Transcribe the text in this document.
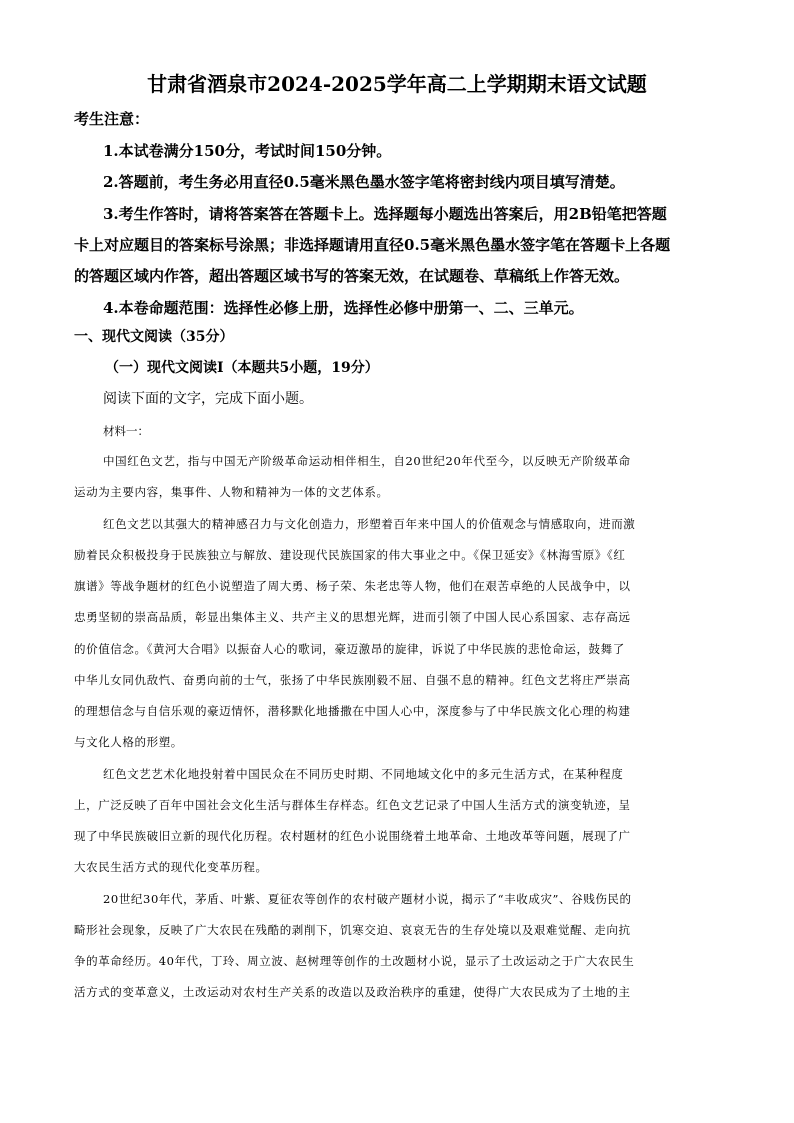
甘肃省酒泉市2024-2025学年高二上学期期末语文试题
考生注意：
1.本试卷满分150分，考试时间150分钟。
2.答题前，考生务必用直径0.5毫米黑色墨水签字笔将密封线内项目填写清楚。
3.考生作答时，请将答案答在答题卡上。选择题每小题选出答案后，用2B铅笔把答题
卡上对应题目的答案标号涂黑；非选择题请用直径0.5毫米黑色墨水签字笔在答题卡上各题
的答题区域内作答，超出答题区域书写的答案无效，在试题卷、草稿纸上作答无效。
4.本卷命题范围：选择性必修上册，选择性必修中册第一、二、三单元。
一、现代文阅读（35分）
（一）现代文阅读Ⅰ（本题共5小题，19分）
阅读下面的文字，完成下面小题。
材料一：
中国红色文艺，指与中国无产阶级革命运动相伴相生，自20世纪20年代至今，以反映无产阶级革命
运动为主要内容，集事件、人物和精神为一体的文艺体系。
红色文艺以其强大的精神感召力与文化创造力，形塑着百年来中国人的价值观念与情感取向，进而激
励着民众积极投身于民族独立与解放、建设现代民族国家的伟大事业之中。《保卫延安》《林海雪原》《红
旗谱》等战争题材的红色小说塑造了周大勇、杨子荣、朱老忠等人物，他们在艰苦卓绝的人民战争中，以
忠勇坚韧的崇高品质，彰显出集体主义、共产主义的思想光辉，进而引领了中国人民心系国家、志存高远
的价值信念。《黄河大合唱》以振奋人心的歌词，豪迈激昂的旋律，诉说了中华民族的悲怆命运，鼓舞了
中华儿女同仇敌忾、奋勇向前的士气，张扬了中华民族刚毅不屈、自强不息的精神。红色文艺将庄严崇高
的理想信念与自信乐观的豪迈情怀，潜移默化地播撒在中国人心中，深度参与了中华民族文化心理的构建
与文化人格的形塑。
红色文艺艺术化地投射着中国民众在不同历史时期、不同地域文化中的多元生活方式，在某种程度
上，广泛反映了百年中国社会文化生活与群体生存样态。红色文艺记录了中国人生活方式的演变轨迹，呈
现了中华民族破旧立新的现代化历程。农村题材的红色小说围绕着土地革命、土地改革等问题，展现了广
大农民生活方式的现代化变革历程。
20世纪30年代，茅盾、叶紫、夏征农等创作的农村破产题材小说，揭示了“丰收成灾”、谷贱伤民的
畸形社会现象，反映了广大农民在残酷的剥削下，饥寒交迫、哀哀无告的生存处境以及艰难觉醒、走向抗
争的革命经历。40年代，丁玲、周立波、赵树理等创作的土改题材小说，显示了土改运动之于广大农民生
活方式的变革意义，土改运动对农村生产关系的改造以及政治秩序的重建，使得广大农民成为了土地的主
